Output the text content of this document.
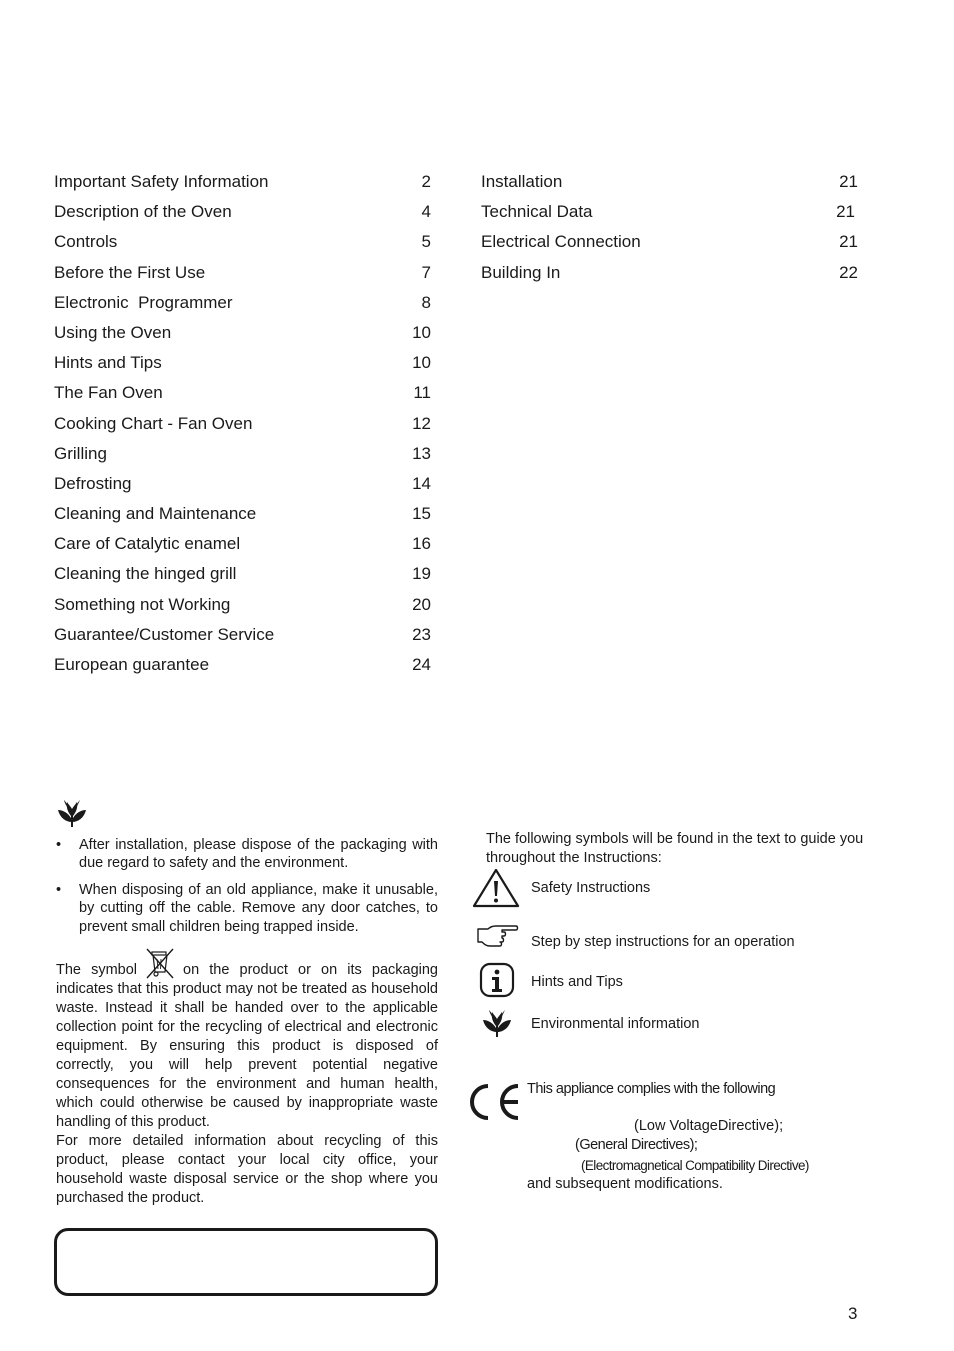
Important Safety Information	2
Description of the Oven	4
Controls	5
Before the First Use	7
Electronic  Programmer	8
Using the Oven	10
Hints and Tips	10
The Fan Oven	11
Cooking Chart - Fan Oven	12
Grilling	13
Defrosting	14
Cleaning and Maintenance	15
Care of Catalytic enamel	16
Cleaning the hinged grill	19
Something not Working	20
Guarantee/Customer Service	23
European guarantee	24
Installation	21
Technical Data	21
Electrical Connection	21
Building In	22
• After installation, please dispose of the packaging with due regard to safety and the environment.
• When disposing of an old appliance, make it unusable, by cutting off the cable. Remove any door catches, to prevent small children being trapped inside.

The symbol	on the product or on its packaging indicates that this product may not be treated as household waste. Instead it shall be handed over to the applicable collection point for the recycling of electrical and electronic equipment. By ensuring this product is disposed of correctly, you will help prevent potential negative consequences for the environment and human health, which could otherwise be caused by inappropriate waste handling of this product.

For more detailed information about recycling of this product, please contact your local city office, your household waste disposal service or the shop where you purchased the product.

The following symbols will be found in the text to guide you throughout the Instructions:
Safety Instructions
Step by step instructions for an operation
Hints and Tips
Environmental information
This appliance complies with the following
(Low VoltageDirective);
(General Directives);
(Electromagnetical Compatibility Directive)
and subsequent modifications.
3
